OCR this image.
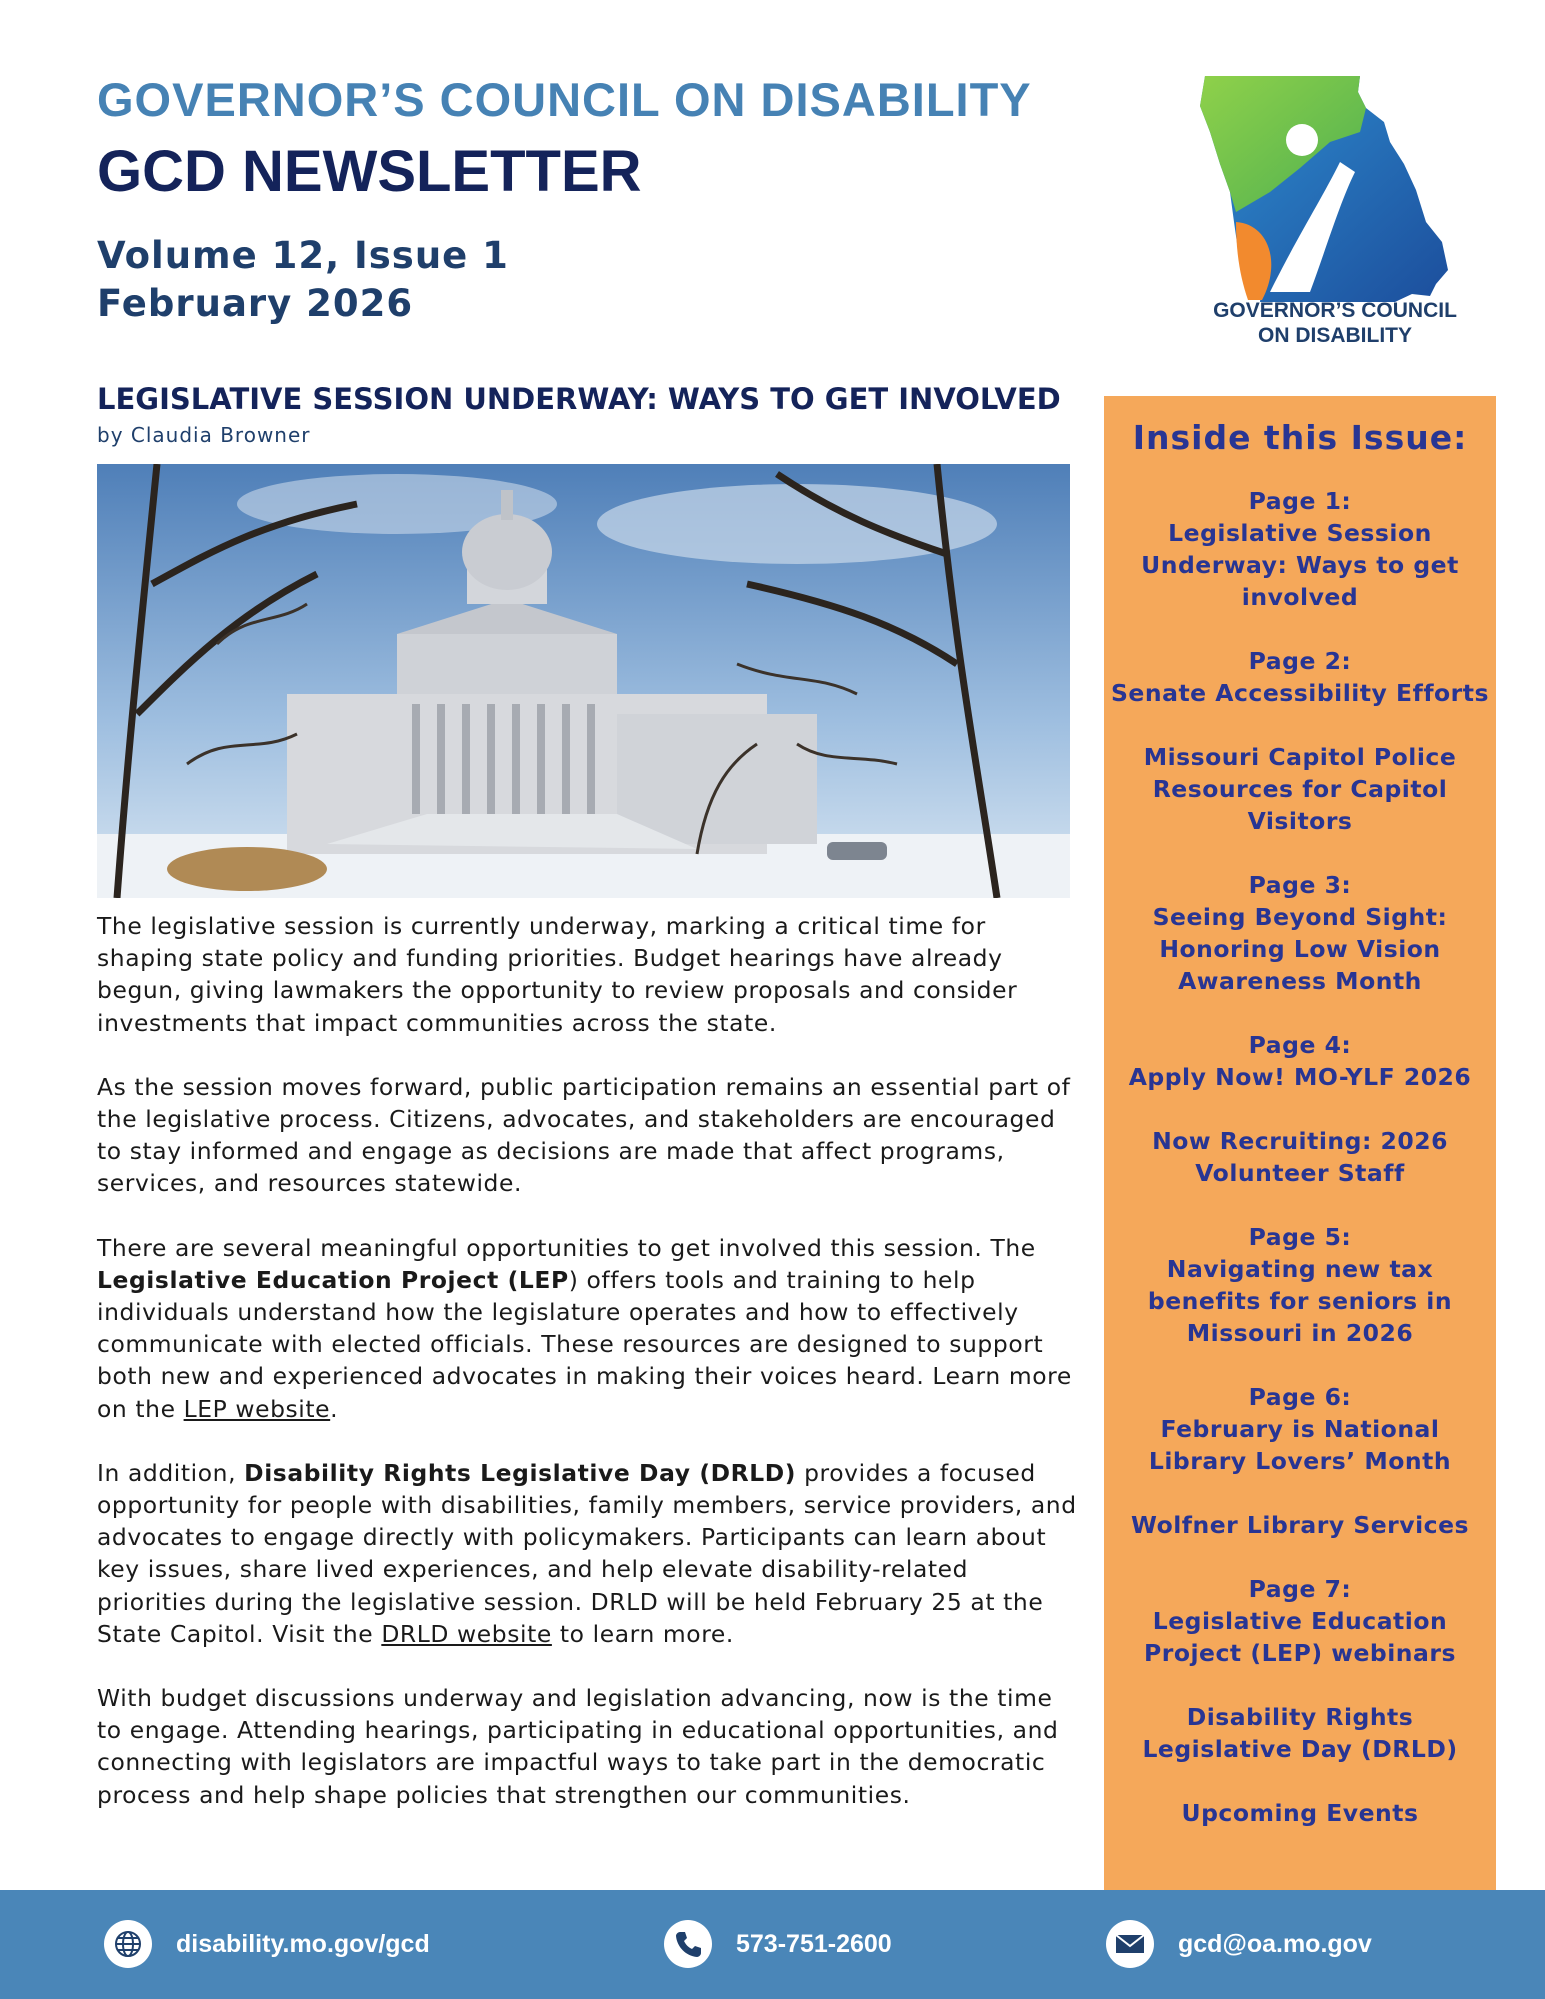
GOVERNOR’S COUNCIL ON DISABILITY
GCD NEWSLETTER
Volume 12, Issue 1
February 2026	GOVERNOR’S COUNCIL
ON DISABILITY
LEGISLATIVE SESSION UNDERWAY: WAYS TO GET INVOLVED
by Claudia Browner

The legislative session is currently underway, marking a critical time for shaping state policy and funding priorities. Budget hearings have already begun, giving lawmakers the opportunity to review proposals and consider investments that impact communities across the state.

As the session moves forward, public participation remains an essential part of the legislative process. Citizens, advocates, and stakeholders are encouraged to stay informed and engage as decisions are made that affect programs, services, and resources statewide.

There are several meaningful opportunities to get involved this session. The Legislative Education Project (LEP) offers tools and training to help individuals understand how the legislature operates and how to effectively communicate with elected officials. These resources are designed to support both new and experienced advocates in making their voices heard. Learn more on the LEP website.

In addition, Disability Rights Legislative Day (DRLD) provides a focused opportunity for people with disabilities, family members, service providers, and advocates to engage directly with policymakers. Participants can learn about key issues, share lived experiences, and help elevate disability-related priorities during the legislative session. DRLD will be held February 25 at the State Capitol. Visit the DRLD website to learn more.

With budget discussions underway and legislation advancing, now is the time to engage. Attending hearings, participating in educational opportunities, and connecting with legislators are impactful ways to take part in the democratic process and help shape policies that strengthen our communities.

Inside this Issue:
Page 1:
Legislative Session
Underway: Ways to get
involved
Page 2:
Senate Accessibility Efforts
Missouri Capitol Police
Resources for Capitol
Visitors
Page 3:
Seeing Beyond Sight:
Honoring Low Vision
Awareness Month
Page 4:
Apply Now! MO-YLF 2026
Now Recruiting: 2026
Volunteer Staff
Page 5:
Navigating new tax
benefits for seniors in
Missouri in 2026
Page 6:
February is National
Library Lovers’ Month
Wolfner Library Services
Page 7:
Legislative Education
Project (LEP) webinars
Disability Rights
Legislative Day (DRLD)
Upcoming Events
disability.mo.gov/gcd	573-751-2600	gcd@oa.mo.gov
